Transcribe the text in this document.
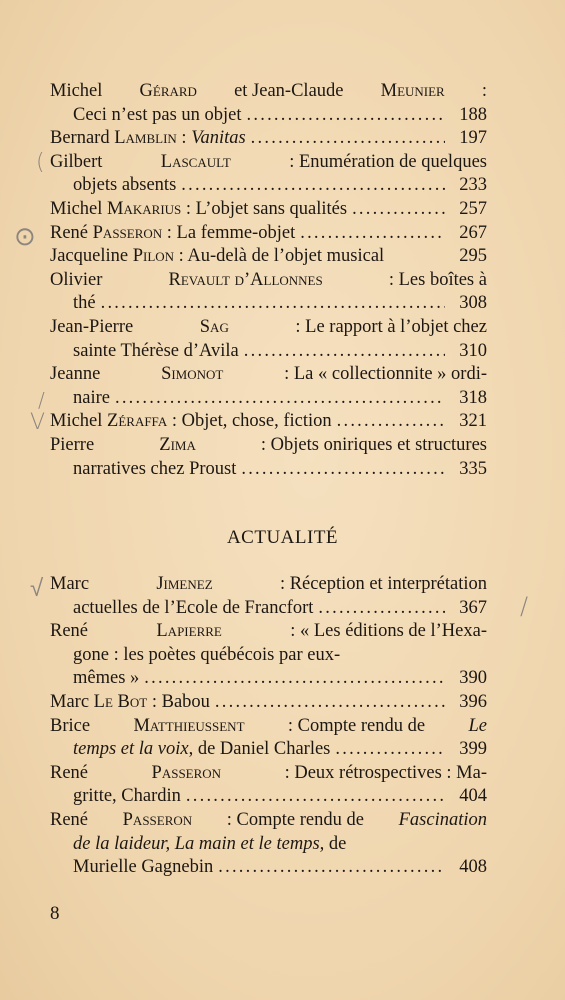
Michel Gérard et Jean-Claude Meunier :
Ceci n’est pas un objet . . .	188
Bernard Lamblin : Vanitas . . .	197
Gilbert	Lascault	: Enumération de quelques
objets absents . . .	233
Michel Makarius : L’objet sans qualités . . .	257
René Passeron : La femme-objet . . .	267
Jacqueline Pilon : Au-delà de l’objet musical	295
Olivier	Revault d’Allonnes	: Les boîtes à
thé . . .	308
Jean-Pierre	Sag	: Le rapport à l’objet chez
sainte Thérèse d’Avila . . .	310
Jeanne	Simonot	: La « collectionnite » ordi-
naire . . .	318
Michel Zéraffa : Objet, chose, fiction . . .	321
Pierre	Zima	: Objets oniriques et structures
narratives chez Proust . . .	335
ACTUALITÉ
Marc	Jimenez	: Réception et interprétation
actuelles de l’Ecole de Francfort . . .	367
René	Lapierre	: « Les éditions de l’Hexa-
gone : les poètes québécois par eux-
mêmes » . . .	390
Marc Le Bot : Babou . . .	396
Brice Matthieussent : Compte rendu de Le
temps et la voix, de Daniel Charles . . .	399
René	Passeron	: Deux rétrospectives : Ma-
gritte, Chardin . . .	404
René Passeron : Compte rendu de Fascination
de la laideur, La main et le temps, de
Murielle Gagnebin . . .	408
8
(
⊙
/
V
√
/
